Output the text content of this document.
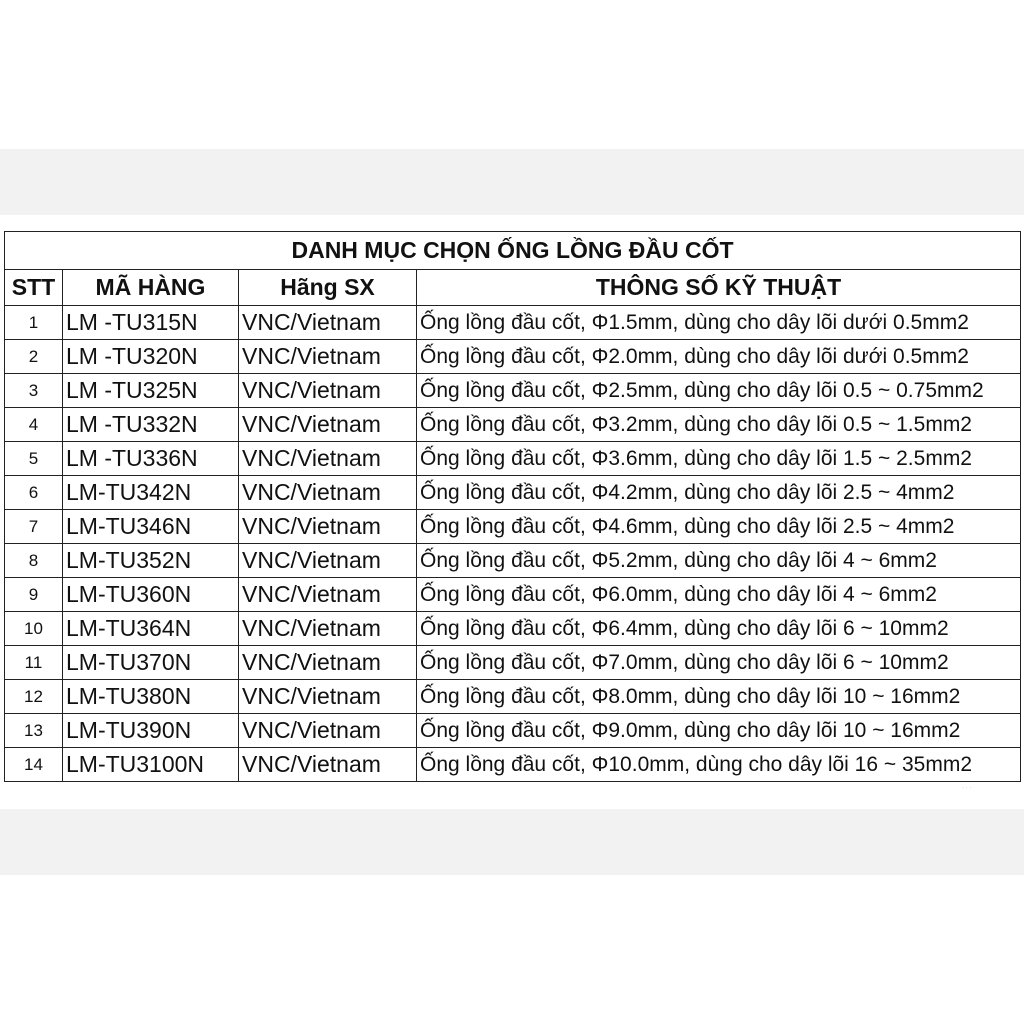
DANH MỤC CHỌN ỐNG LỒNG ĐẦU CỐT			
STT	MÃ HÀNG	Hãng SX	THÔNG SỐ KỸ THUẬT
1	LM -TU315N	VNC/Vietnam	Ống lồng đầu cốt, Φ1.5mm, dùng cho dây lõi dưới 0.5mm2
2	LM -TU320N	VNC/Vietnam	Ống lồng đầu cốt, Φ2.0mm, dùng cho dây lõi dưới 0.5mm2
3	LM -TU325N	VNC/Vietnam	Ống lồng đầu cốt, Φ2.5mm, dùng cho dây lõi 0.5 ~ 0.75mm2
4	LM -TU332N	VNC/Vietnam	Ống lồng đầu cốt, Φ3.2mm, dùng cho dây lõi 0.5 ~ 1.5mm2
5	LM -TU336N	VNC/Vietnam	Ống lồng đầu cốt, Φ3.6mm, dùng cho dây lõi 1.5 ~ 2.5mm2
6	LM-TU342N	VNC/Vietnam	Ống lồng đầu cốt, Φ4.2mm, dùng cho dây lõi 2.5 ~ 4mm2
7	LM-TU346N	VNC/Vietnam	Ống lồng đầu cốt, Φ4.6mm, dùng cho dây lõi 2.5 ~ 4mm2
8	LM-TU352N	VNC/Vietnam	Ống lồng đầu cốt, Φ5.2mm, dùng cho dây lõi 4 ~ 6mm2
9	LM-TU360N	VNC/Vietnam	Ống lồng đầu cốt, Φ6.0mm, dùng cho dây lõi 4 ~ 6mm2
10	LM-TU364N	VNC/Vietnam	Ống lồng đầu cốt, Φ6.4mm, dùng cho dây lõi 6 ~ 10mm2
11	LM-TU370N	VNC/Vietnam	Ống lồng đầu cốt, Φ7.0mm, dùng cho dây lõi 6 ~ 10mm2
12	LM-TU380N	VNC/Vietnam	Ống lồng đầu cốt, Φ8.0mm, dùng cho dây lõi 10 ~ 16mm2
13	LM-TU390N	VNC/Vietnam	Ống lồng đầu cốt, Φ9.0mm, dùng cho dây lõi 10 ~ 16mm2
14	LM-TU3100N	VNC/Vietnam	Ống lồng đầu cốt, Φ10.0mm, dùng cho dây lõi 16 ~ 35mm2
· · ·
